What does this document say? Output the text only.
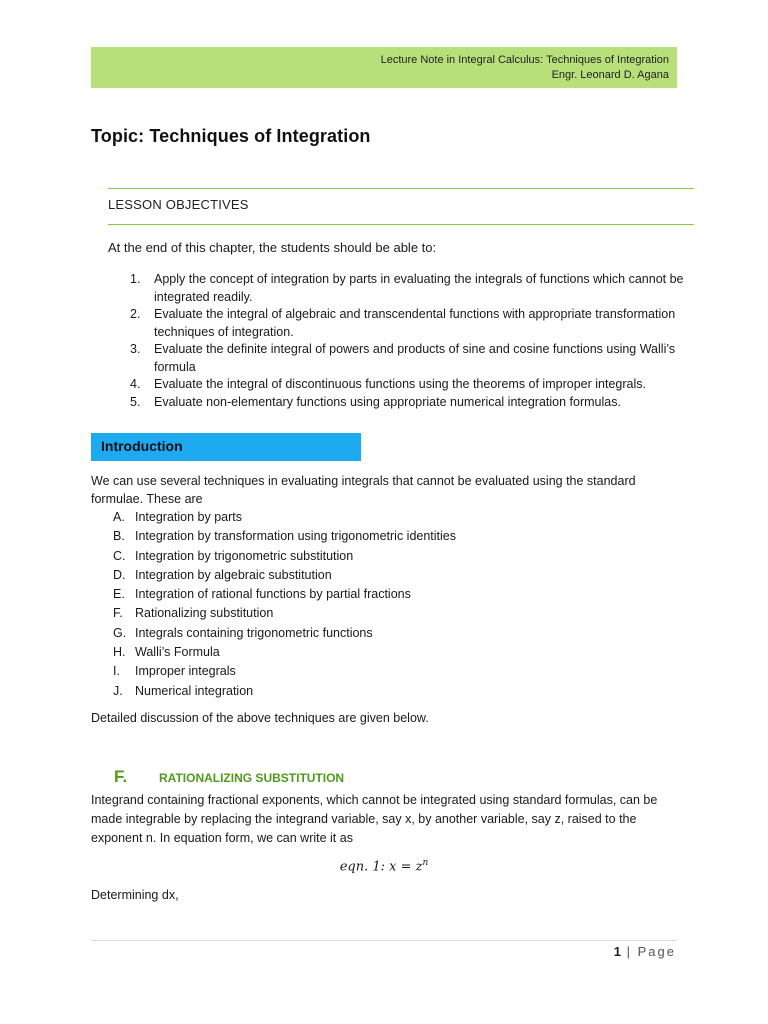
Lecture Note in Integral Calculus: Techniques of Integration
Engr. Leonard D. Agana
Topic: Techniques of Integration
LESSON OBJECTIVES
At the end of this chapter, the students should be able to:
1. Apply the concept of integration by parts in evaluating the integrals of functions which cannot be integrated readily.
2. Evaluate the integral of algebraic and transcendental functions with appropriate transformation techniques of integration.
3. Evaluate the definite integral of powers and products of sine and cosine functions using Walli’s formula
4. Evaluate the integral of discontinuous functions using the theorems of improper integrals.
5. Evaluate non-elementary functions using appropriate numerical integration formulas.
Introduction
We can use several techniques in evaluating integrals that cannot be evaluated using the standard formulae. These are
A. Integration by parts
B. Integration by transformation using trigonometric identities
C. Integration by trigonometric substitution
D. Integration by algebraic substitution
E. Integration of rational functions by partial fractions
F. Rationalizing substitution
G. Integrals containing trigonometric functions
H. Walli’s Formula
I. Improper integrals
J. Numerical integration
Detailed discussion of the above techniques are given below.
F.	RATIONALIZING SUBSTITUTION
Integrand containing fractional exponents, which cannot be integrated using standard formulas, can be made integrable by replacing the integrand variable, say x, by another variable, say z, raised to the exponent n. In equation form, we can write it as
eqn. 1: $x = z^n$
Determining dx,
1 | Page
